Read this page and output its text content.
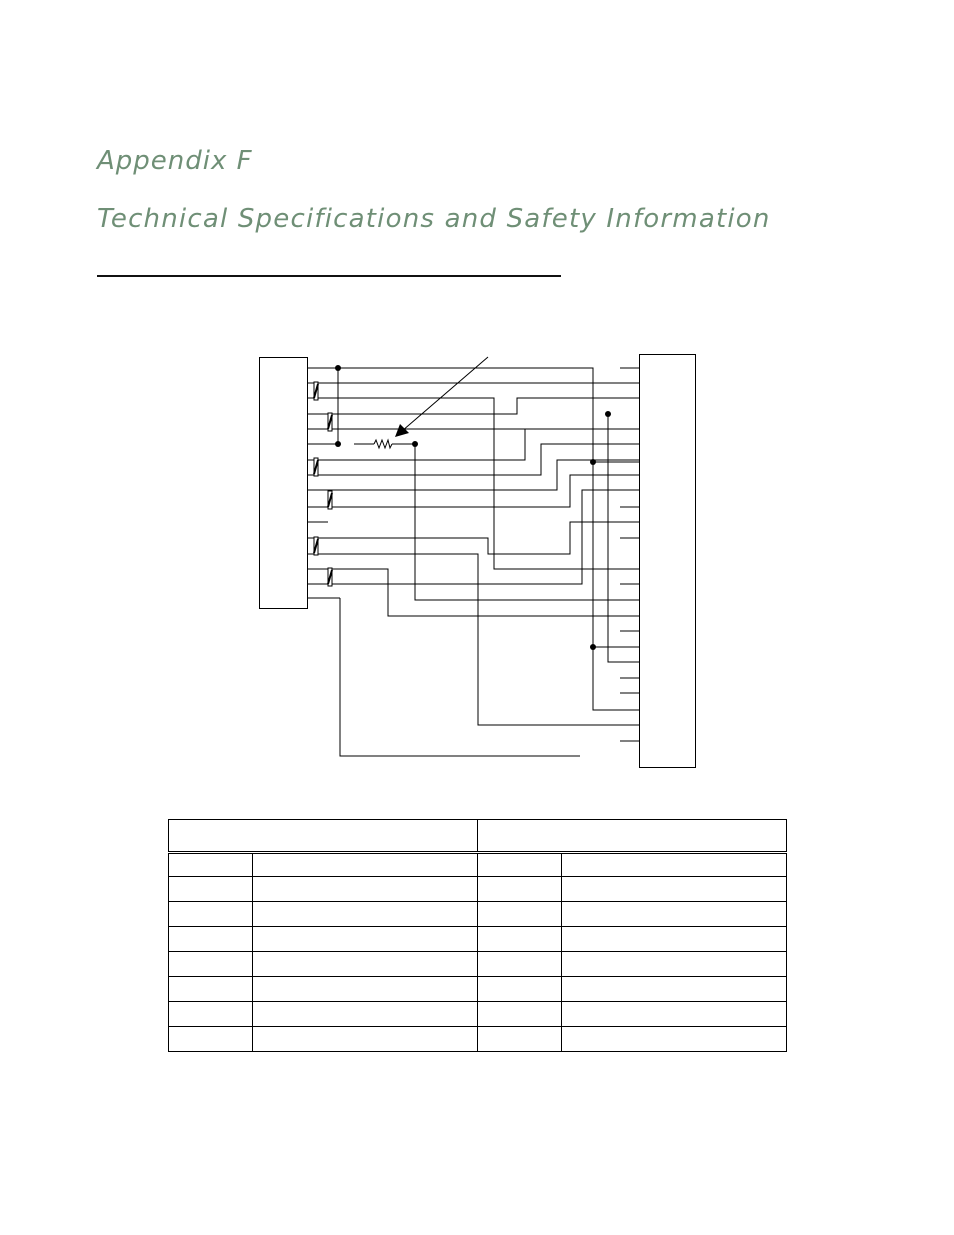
Appendix F
Technical Specifications and Safety Information
